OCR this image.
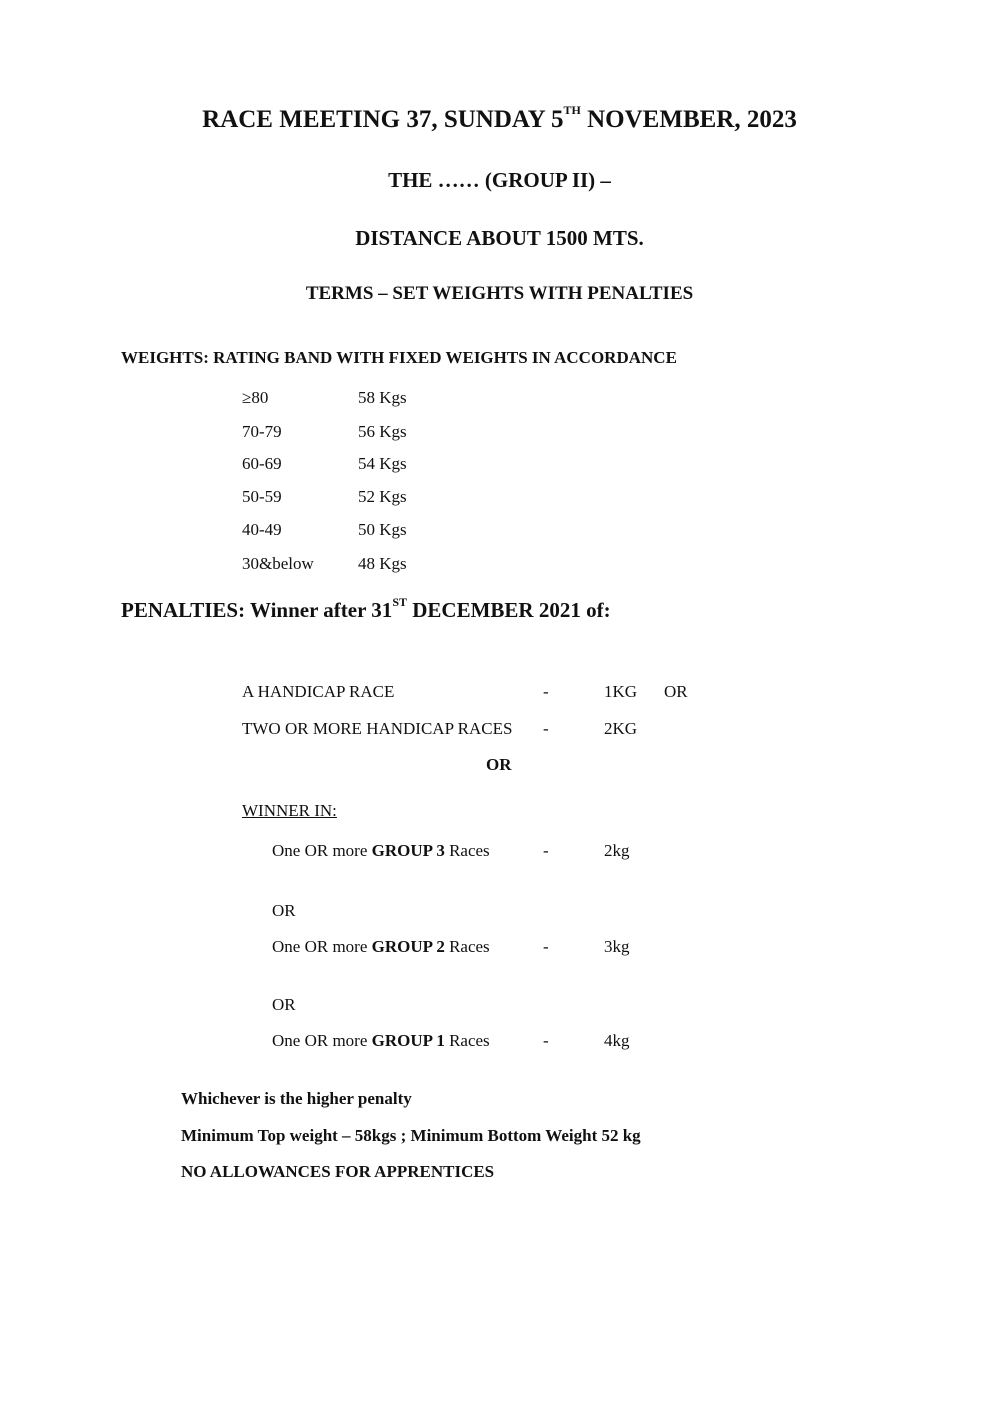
RACE MEETING 37, SUNDAY 5TH NOVEMBER, 2023
THE …… (GROUP II) –
DISTANCE ABOUT 1500 MTS.
TERMS – SET WEIGHTS WITH PENALTIES
WEIGHTS: RATING BAND WITH FIXED WEIGHTS IN ACCORDANCE
≥80	58 Kgs
70-79	56 Kgs
60-69	54 Kgs
50-59	52 Kgs
40-49	50 Kgs
30&below	48 Kgs
PENALTIES: Winner after 31ST DECEMBER 2021 of:
A HANDICAP RACE	-	1KG OR
TWO OR MORE HANDICAP RACES -	2KG
OR
WINNER IN:
One OR more GROUP 3 Races	-	2kg
OR
One OR more GROUP 2 Races	-	3kg
OR
One OR more GROUP 1 Races	-	4kg
Whichever is the higher penalty
Minimum Top weight – 58kgs ; Minimum Bottom Weight 52 kg
NO ALLOWANCES FOR APPRENTICES
